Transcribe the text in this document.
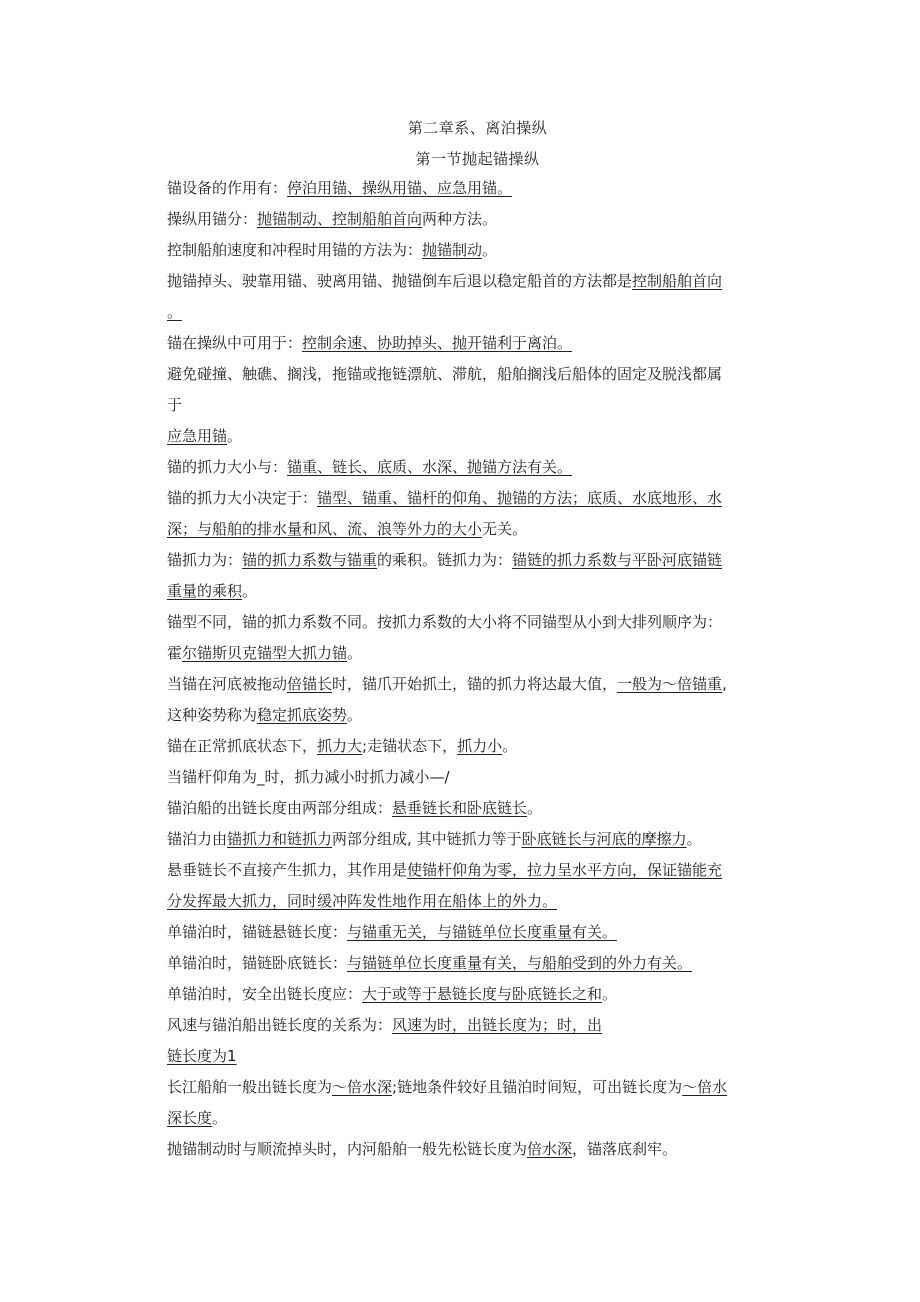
第二章系、离泊操纵
第一节抛起锚操纵
锚设备的作用有：停泊用锚、操纵用锚、应急用锚。
操纵用锚分：抛锚制动、控制船舶首向两种方法。
控制船舶速度和冲程时用锚的方法为：抛锚制动。
抛锚掉头、驶靠用锚、驶离用锚、抛锚倒车后退以稳定船首的方法都是控制船舶首向
。
锚在操纵中可用于：控制余速、协助掉头、抛开锚利于离泊。
避免碰撞、触礁、搁浅，拖锚或拖链漂航、滞航，船舶搁浅后船体的固定及脱浅都属
于
应急用锚。
锚的抓力大小与：锚重、链长、底质、水深、抛锚方法有关。
锚的抓力大小决定于：锚型、锚重、锚杆的仰角、抛锚的方法；底质、水底地形、水
深；与船舶的排水量和风、流、浪等外力的大小无关。
锚抓力为：锚的抓力系数与锚重的乘积。链抓力为：锚链的抓力系数与平卧河底锚链
重量的乘积。
锚型不同，锚的抓力系数不同。按抓力系数的大小将不同锚型从小到大排列顺序为：
霍尔锚斯贝克锚型大抓力锚。
当锚在河底被拖动倍锚长时，锚爪开始抓土，锚的抓力将达最大值，一般为～倍锚重,
这种姿势称为稳定抓底姿势。
锚在正常抓底状态下，抓力大;走锚状态下，抓力小。
当锚杆仰角为_时，抓力减小时抓力减小—/
锚泊船的出链长度由两部分组成：悬垂链长和卧底链长。
锚泊力由锚抓力和链抓力两部分组成, 其中链抓力等于卧底链长与河底的摩擦力。
悬垂链长不直接产生抓力，其作用是使锚杆仰角为零，拉力呈水平方向，保证锚能充
分发挥最大抓力，同时缓冲阵发性地作用在船体上的外力。
单锚泊时，锚链悬链长度：与锚重无关，与锚链单位长度重量有关。
单锚泊时，锚链卧底链长：与锚链单位长度重量有关，与船舶受到的外力有关。
单锚泊时，安全出链长度应：大于或等于悬链长度与卧底链长之和。
风速与锚泊船出链长度的关系为：风速为时，出链长度为；时，出
链长度为1
长江船舶一般出链长度为～倍水深;链地条件较好且锚泊时间短，可出链长度为～倍水
深长度。
抛锚制动时与顺流掉头时，内河船舶一般先松链长度为倍水深，锚落底刹牢。
